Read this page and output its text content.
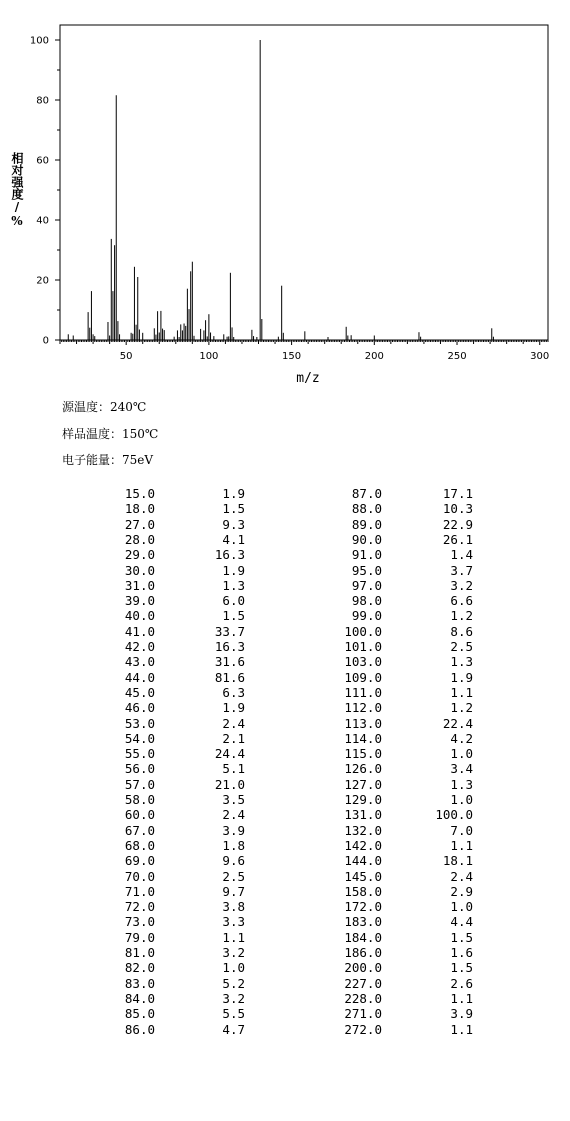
50	100	150	200	250	300
0
20
40
60
80
100
m/z
相对强度/%
源温度：240℃
样品温度：150℃
电子能量：75eV
15.0	1.9	87.0	17.1
18.0	1.5	88.0	10.3
27.0	9.3	89.0	22.9
28.0	4.1	90.0	26.1
29.0	16.3	91.0	1.4
30.0	1.9	95.0	3.7
31.0	1.3	97.0	3.2
39.0	6.0	98.0	6.6
40.0	1.5	99.0	1.2
41.0	33.7	100.0	8.6
42.0	16.3	101.0	2.5
43.0	31.6	103.0	1.3
44.0	81.6	109.0	1.9
45.0	6.3	111.0	1.1
46.0	1.9	112.0	1.2
53.0	2.4	113.0	22.4
54.0	2.1	114.0	4.2
55.0	24.4	115.0	1.0
56.0	5.1	126.0	3.4
57.0	21.0	127.0	1.3
58.0	3.5	129.0	1.0
60.0	2.4	131.0	100.0
67.0	3.9	132.0	7.0
68.0	1.8	142.0	1.1
69.0	9.6	144.0	18.1
70.0	2.5	145.0	2.4
71.0	9.7	158.0	2.9
72.0	3.8	172.0	1.0
73.0	3.3	183.0	4.4
79.0	1.1	184.0	1.5
81.0	3.2	186.0	1.6
82.0	1.0	200.0	1.5
83.0	5.2	227.0	2.6
84.0	3.2	228.0	1.1
85.0	5.5	271.0	3.9
86.0	4.7	272.0	1.1
